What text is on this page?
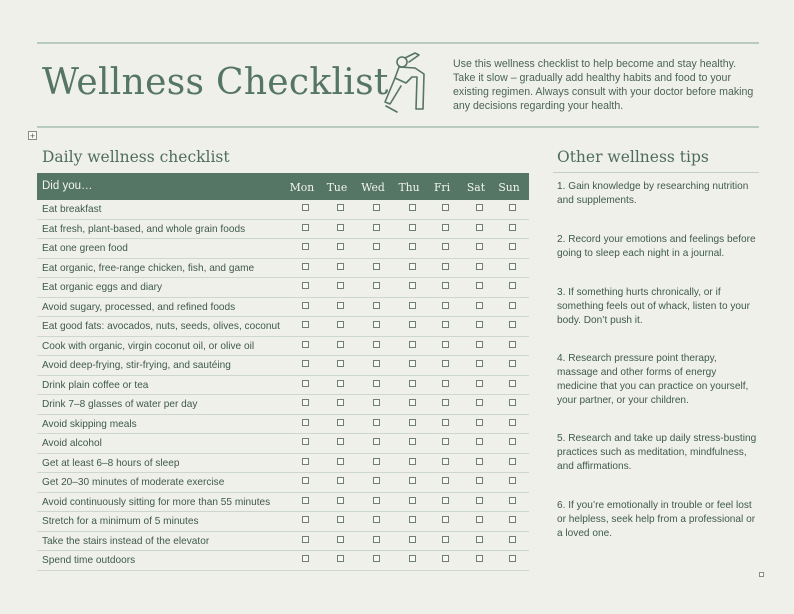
Wellness Checklist	Use this wellness checklist to help become and stay healthy. Take it slow – gradually add healthy habits and food to your existing regimen. Always consult with your doctor before making any decisions regarding your health.
+
Daily wellness checklist	Other wellness tips
Did you…	Mon	Tue	Wed	Thu	Fri	Sat	Sun
Eat breakfast
Eat fresh, plant-based, and whole grain foods
Eat one green food
Eat organic, free-range chicken, fish, and game
Eat organic eggs and diary
Avoid sugary, processed, and refined foods
Eat good fats: avocados, nuts, seeds, olives, coconut
Cook with organic, virgin coconut oil, or olive oil
Avoid deep-frying, stir-frying, and sautéing
Drink plain coffee or tea
Drink 7–8 glasses of water per day
Avoid skipping meals
Avoid alcohol
Get at least 6–8 hours of sleep
Get 20–30 minutes of moderate exercise
Avoid continuously sitting for more than 55 minutes
Stretch for a minimum of 5 minutes
Take the stairs instead of the elevator
Spend time outdoors
1. Gain knowledge by researching nutrition and supplements.
2. Record your emotions and feelings before going to sleep each night in a journal.
3. If something hurts chronically, or if something feels out of whack, listen to your body. Don’t push it.
4. Research pressure point therapy, massage and other forms of energy medicine that you can practice on yourself, your partner, or your children.
5. Research and take up daily stress-busting practices such as meditation, mindfulness, and affirmations.
6. If you’re emotionally in trouble or feel lost or helpless, seek help from a professional or a loved one.
